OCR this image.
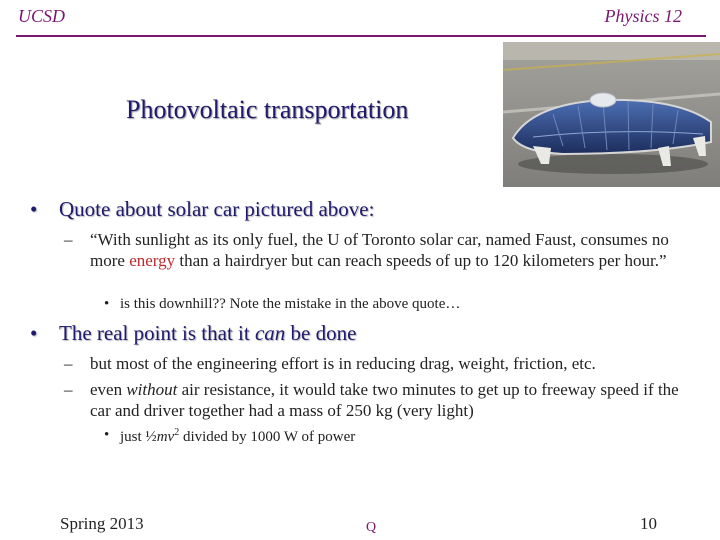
UCSD	Physics 12
Photovoltaic transportation
• Quote about solar car pictured above:
– “With sunlight as its only fuel, the U of Toronto solar car, named Faust, consumes no more energy than a hairdryer but can reach speeds of up to 120 kilometers per hour.”
• is this downhill?? Note the mistake in the above quote…
• The real point is that it can be done
– but most of the engineering effort is in reducing drag, weight, friction, etc.
– even without air resistance, it would take two minutes to get up to freeway speed if the car and driver together had a mass of 250 kg (very light)
• just $\frac{1}{2}mv^2$ divided by 1000 W of power
Spring 2013	Q	10
